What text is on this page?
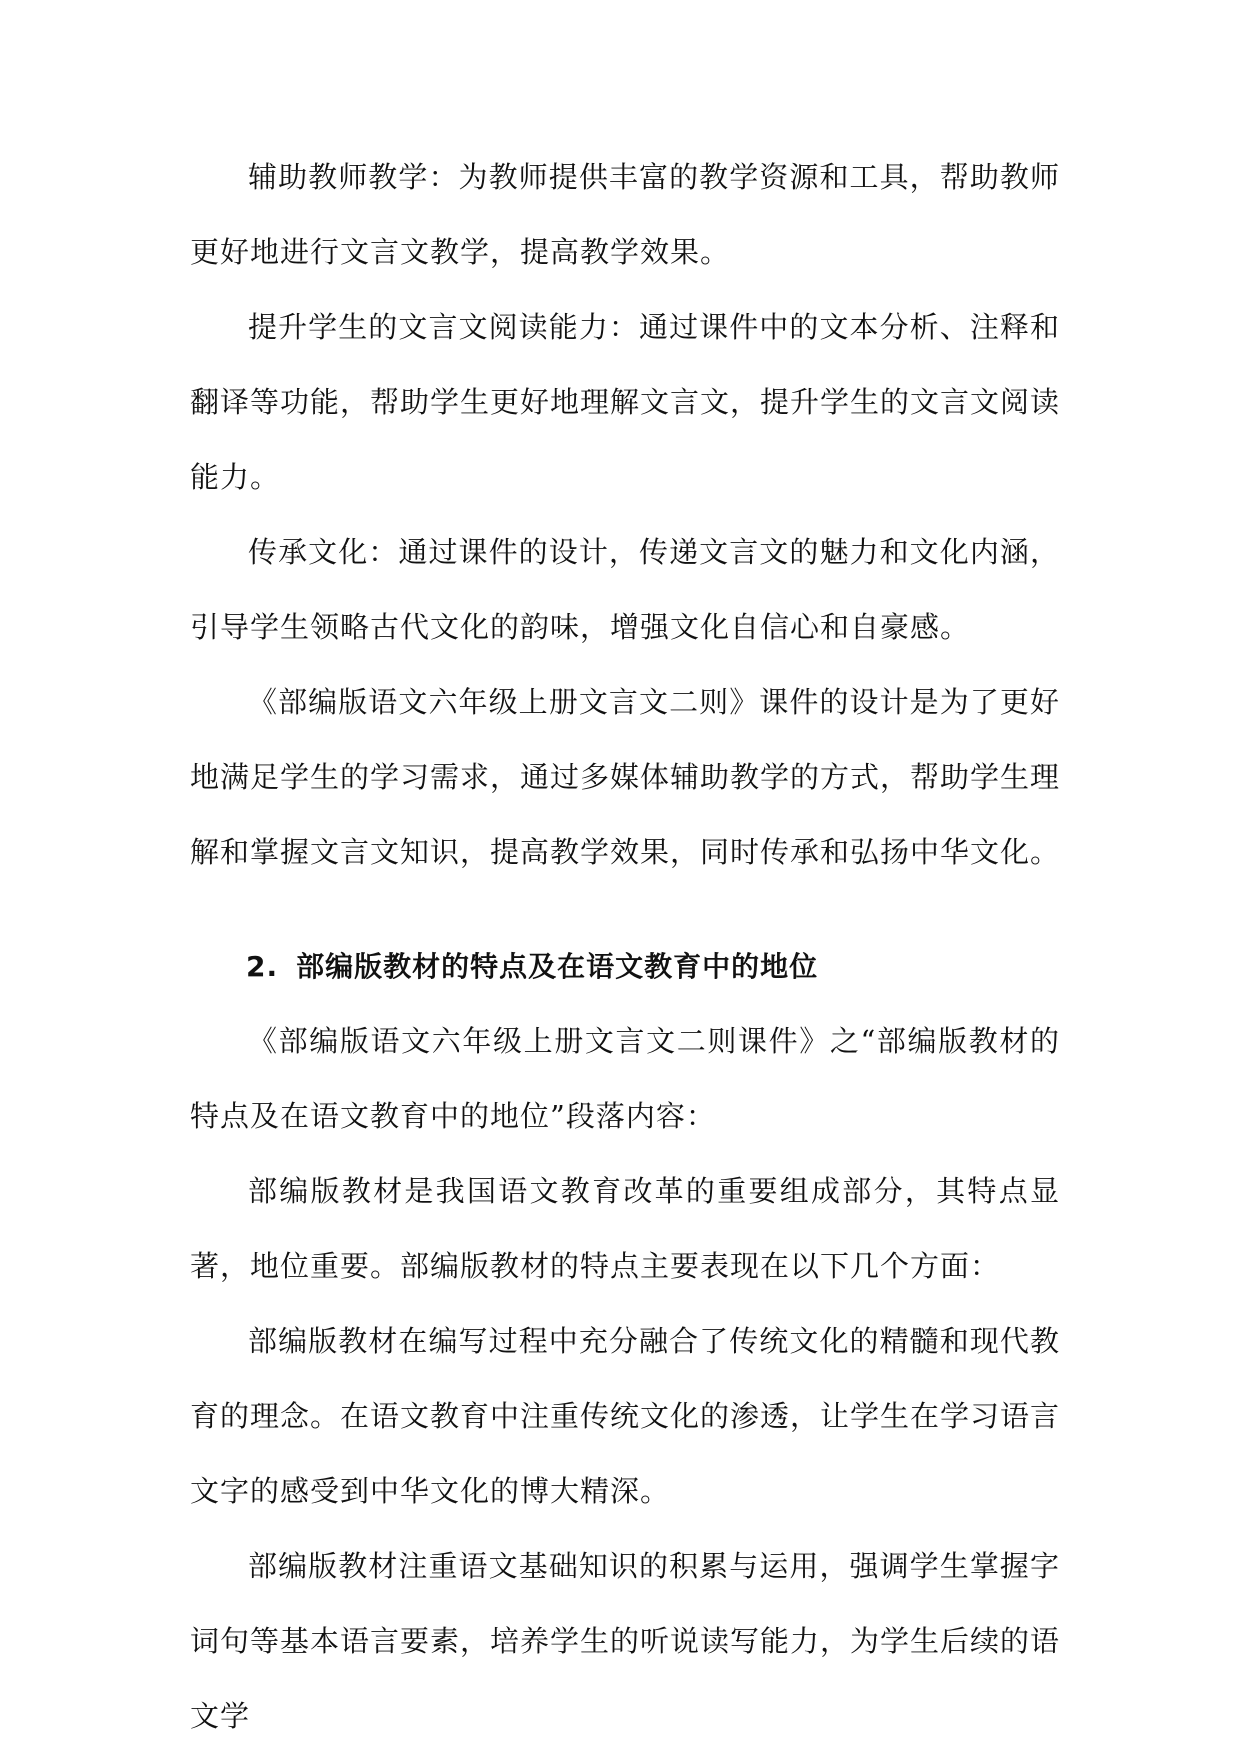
辅助教师教学：为教师提供丰富的教学资源和工具，帮助教师更好地进行文言文教学，提高教学效果。

提升学生的文言文阅读能力：通过课件中的文本分析、注释和翻译等功能，帮助学生更好地理解文言文，提升学生的文言文阅读能力。

传承文化：通过课件的设计，传递文言文的魅力和文化内涵，引导学生领略古代文化的韵味，增强文化自信心和自豪感。

《部编版语文六年级上册文言文二则》课件的设计是为了更好地满足学生的学习需求，通过多媒体辅助教学的方式，帮助学生理解和掌握文言文知识，提高教学效果，同时传承和弘扬中华文化。

2. 部编版教材的特点及在语文教育中的地位

《部编版语文六年级上册文言文二则课件》之“部编版教材的特点及在语文教育中的地位”段落内容：

部编版教材是我国语文教育改革的重要组成部分，其特点显著，地位重要。部编版教材的特点主要表现在以下几个方面：

部编版教材在编写过程中充分融合了传统文化的精髓和现代教育的理念。在语文教育中注重传统文化的渗透，让学生在学习语言文字的感受到中华文化的博大精深。

部编版教材注重语文基础知识的积累与运用，强调学生掌握字词句等基本语言要素，培养学生的听说读写能力，为学生后续的语文学
